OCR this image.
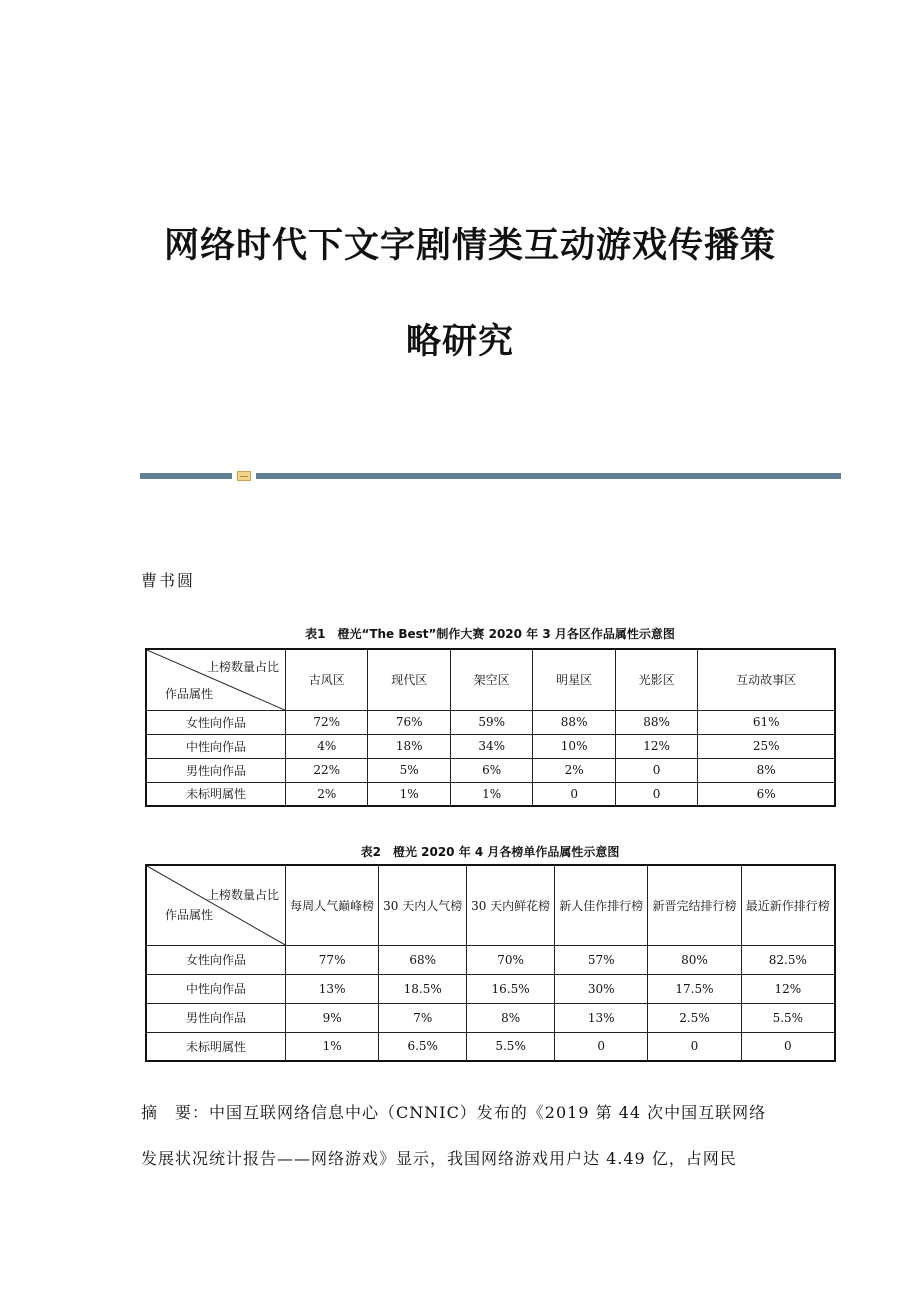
网络时代下文字剧情类互动游戏传播策
略研究
曹书圆
表1　橙光“The Best”制作大赛 2020 年 3 月各区作品属性示意图
上榜数量占比
作品属性	古风区	现代区	架空区	明星区	光影区	互动故事区
女性向作品	72%	76%	59%	88%	88%	61%
中性向作品	4%	18%	34%	10%	12%	25%
男性向作品	22%	5%	6%	2%	0	8%
未标明属性	2%	1%	1%	0	0	6%
表2　橙光 2020 年 4 月各榜单作品属性示意图
上榜数量占比
作品属性	每周人气巅峰榜	30 天内人气榜	30 天内鲜花榜	新人佳作排行榜	新晋完结排行榜	最近新作排行榜
女性向作品	77%	68%	70%	57%	80%	82.5%
中性向作品	13%	18.5%	16.5%	30%	17.5%	12%
男性向作品	9%	7%	8%	13%	2.5%	5.5%
未标明属性	1%	6.5%	5.5%	0	0	0
摘　要：中国互联网络信息中心（CNNIC）发布的《2019 第 44 次中国互联网络
发展状况统计报告——网络游戏》显示，我国网络游戏用户达 4.49 亿，占网民
